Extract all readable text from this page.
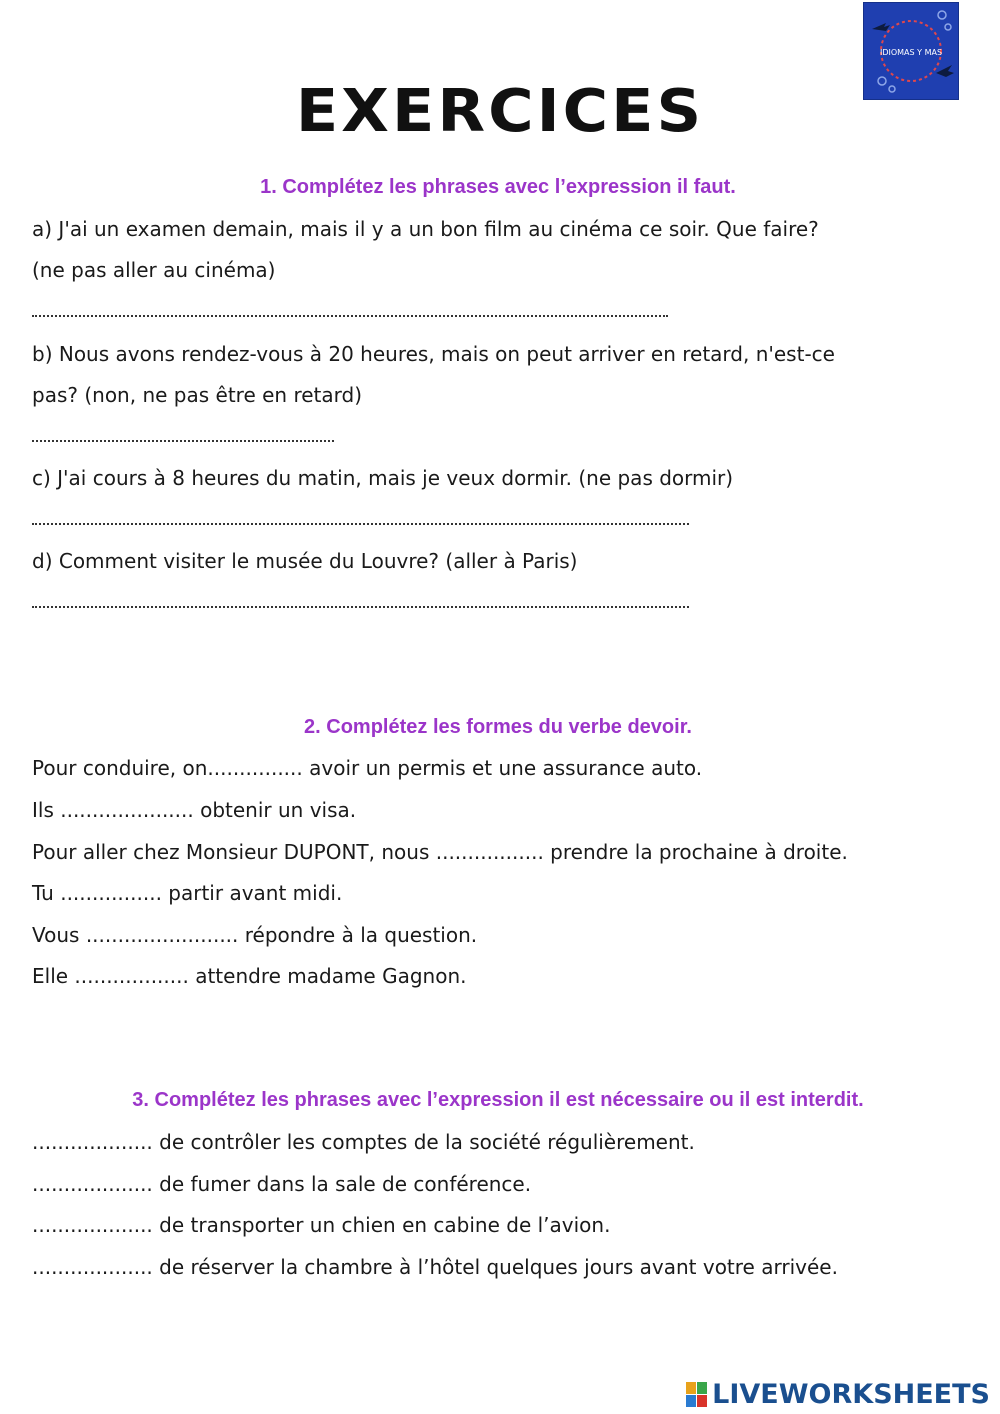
IDIOMAS Y MAS
EXERCICES
1. Complétez les phrases avec l’expression il faut.
a) J'ai un examen demain, mais il y a un bon film au cinéma ce soir. Que faire?
(ne pas aller au cinéma)
b) Nous avons rendez-vous à 20 heures, mais on peut arriver en retard, n'est-ce
pas? (non, ne pas être en retard)
c) J'ai cours à 8 heures du matin, mais je veux dormir. (ne pas dormir)
d) Comment visiter le musée du Louvre? (aller à Paris)
2. Complétez les formes du verbe devoir.
Pour conduire, on............... avoir un permis et une assurance auto.
Ils ..................... obtenir un visa.
Pour aller chez Monsieur DUPONT, nous ................. prendre la prochaine à droite.
Tu ................ partir avant midi.
Vous ........................ répondre à la question.
Elle .................. attendre madame Gagnon.
3. Complétez les phrases avec l’expression il est nécessaire ou il est interdit.
................... de contrôler les comptes de la société régulièrement.
................... de fumer dans la sale de conférence.
................... de transporter un chien en cabine de l’avion.
................... de réserver la chambre à l’hôtel quelques jours avant votre arrivée.
LIVEWORKSHEETS
